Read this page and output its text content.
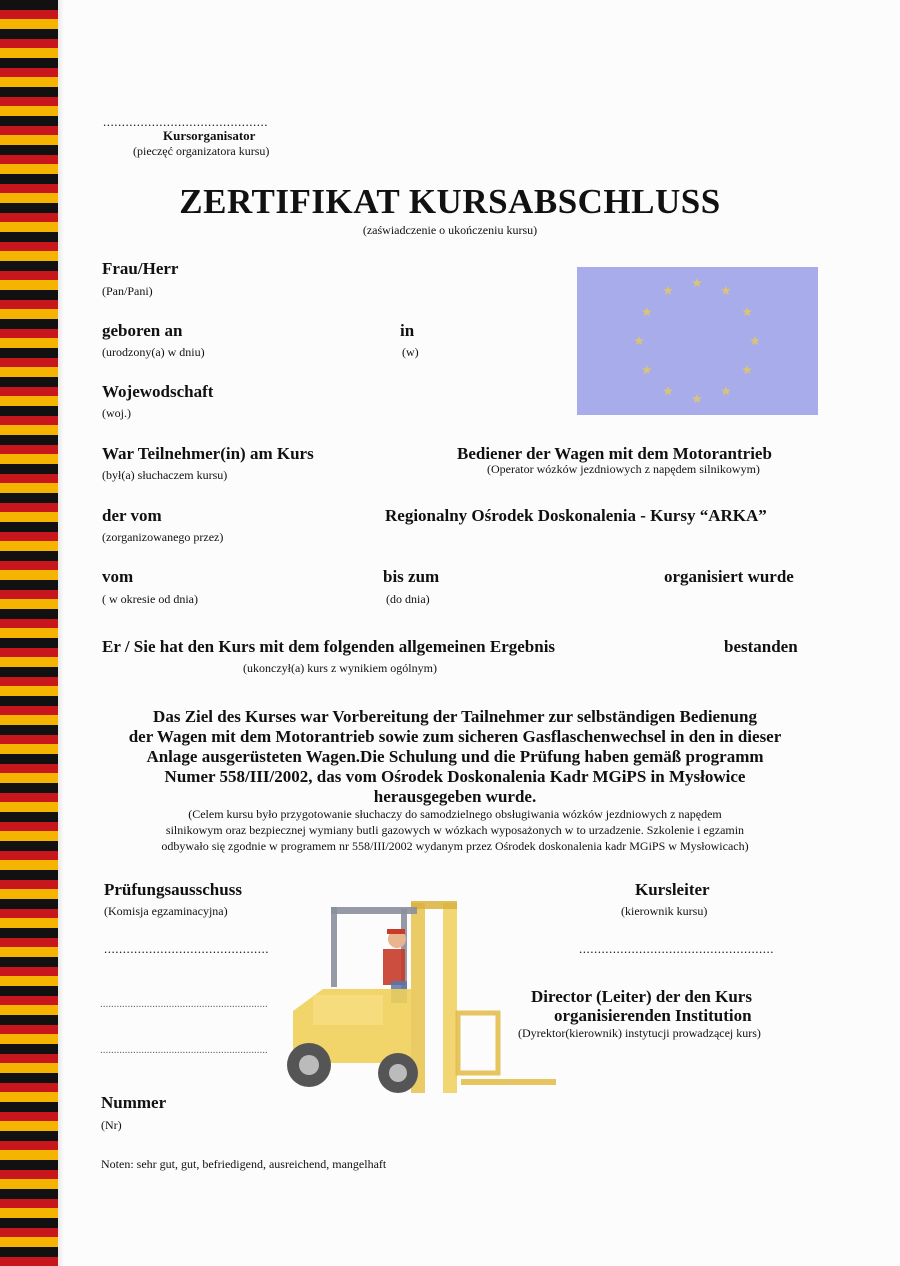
............................................
Kursorganisator
(pieczęć organizatora kursu)
ZERTIFIKAT KURSABSCHLUSS
(zaświadczenie o ukończeniu kursu)
Frau/Herr
(Pan/Pani)
geboren an
(urodzony(a) w dniu)
in
(w)
Wojewodschaft
(woj.)
War Teilnehmer(in) am Kurs
(był(a) słuchaczem kursu)
Bediener der Wagen mit dem Motorantrieb
(Operator wózków jezdniowych z napędem silnikowym)
der vom
(zorganizowanego przez)
Regionalny Ośrodek Doskonalenia - Kursy “ARKA”
vom
( w okresie od dnia)
bis zum
(do dnia)
organisiert wurde
Er / Sie hat den Kurs mit dem folgenden allgemeinen Ergebnis
(ukonczył(a) kurs z wynikiem ogólnym)
bestanden
Das Ziel des Kurses war Vorbereitung der Tailnehmer zur selbständigen Bedienung
der Wagen mit dem Motorantrieb sowie zum sicheren Gasflaschenwechsel in den in dieser
Anlage ausgerüsteten Wagen.Die Schulung und die Prüfung haben gemäß programm
Numer 558/III/2002, das vom Ośrodek Doskonalenia Kadr MGiPS in Mysłowice
herausgegeben wurde.
(Celem kursu było przygotowanie słuchaczy do samodzielnego obsługiwania wózków jezdniowych z napędem
silnikowym oraz bezpiecznej wymiany butli gazowych w wózkach wyposażonych w to urzadzenie. Szkolenie i egzamin
odbywało się zgodnie w programem nr 558/III/2002 wydanym przez Ośrodek doskonalenia kadr MGiPS w Mysłowicach)
Prüfungsausschuss
(Komisja egzaminacyjna)
............................................
.............................................................
.............................................................
Kursleiter
(kierownik kursu)
....................................................
Director (Leiter) der den Kurs
organisierenden Institution
(Dyrektor(kierownik) instytucji prowadzącej kurs)
Nummer
(Nr)
Noten: sehr gut, gut, befriedigend, ausreichend, mangelhaft
